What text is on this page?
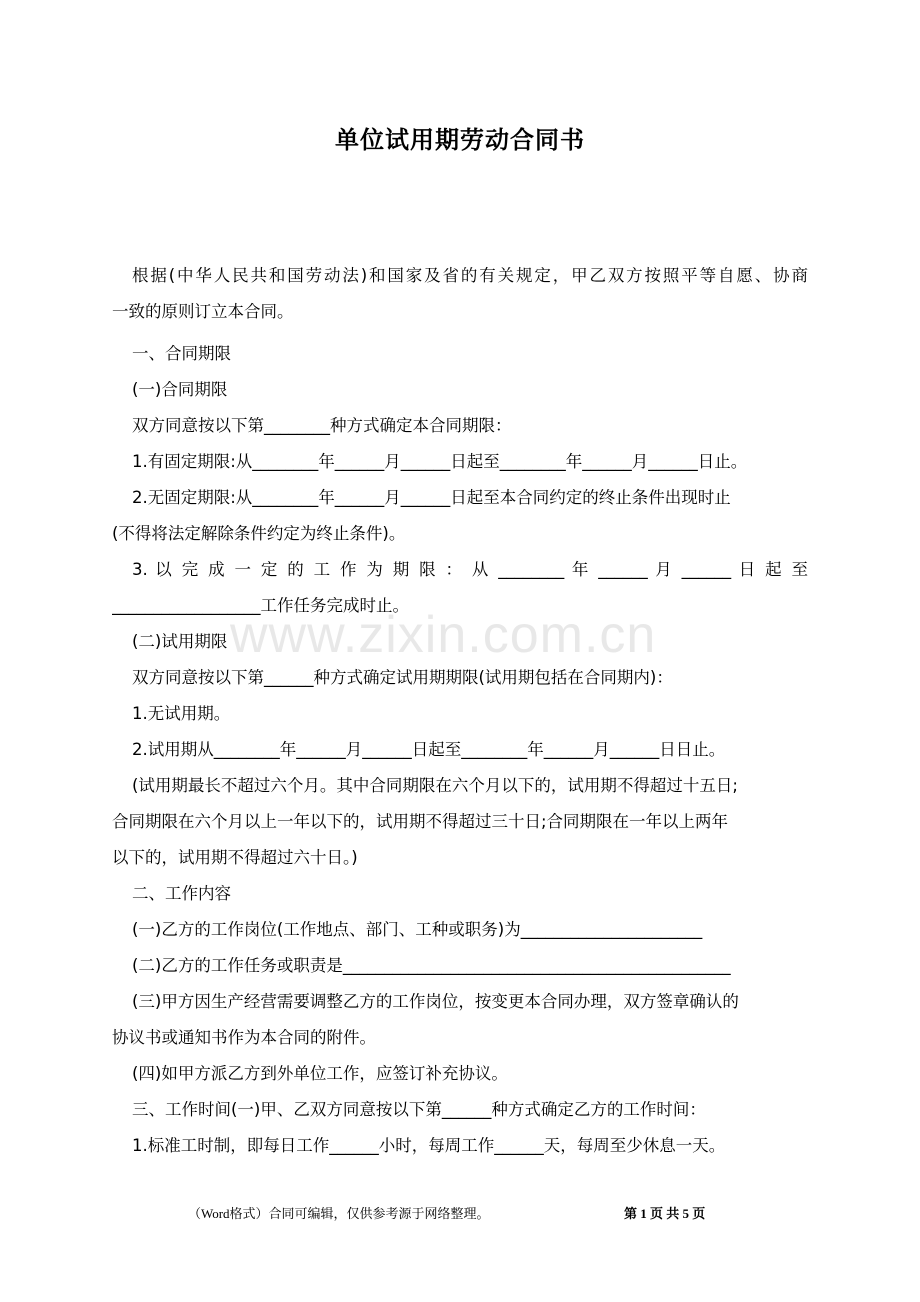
单位试用期劳动合同书
www.zixin.com.cn
根据(中华人民共和国劳动法)和国家及省的有关规定，甲乙双方按照平等自愿、协商
一致的原则订立本合同。
一、合同期限
(一)合同期限
双方同意按以下第________种方式确定本合同期限：
1.有固定期限:从________年______月______日起至________年______月______日止。
2.无固定期限:从________年______月______日起至本合同约定的终止条件出现时止
(不得将法定解除条件约定为终止条件)。
3. 以 完 成 一 定 的 工 作 为 期 限 ： 从 ________ 年 ______ 月 ______ 日 起 至
__________________工作任务完成时止。
(二)试用期限
双方同意按以下第______种方式确定试用期期限(试用期包括在合同期内)：
1.无试用期。
2.试用期从________年______月______日起至________年______月______日日止。
(试用期最长不超过六个月。其中合同期限在六个月以下的，试用期不得超过十五日;
合同期限在六个月以上一年以下的，试用期不得超过三十日;合同期限在一年以上两年
以下的，试用期不得超过六十日。)
二、工作内容
(一)乙方的工作岗位(工作地点、部门、工种或职务)为______________________
(二)乙方的工作任务或职责是_______________________________________________
(三)甲方因生产经营需要调整乙方的工作岗位，按变更本合同办理，双方签章确认的
协议书或通知书作为本合同的附件。
(四)如甲方派乙方到外单位工作，应签订补充协议。
三、工作时间(一)甲、乙双方同意按以下第______种方式确定乙方的工作时间：
1.标准工时制，即每日工作______小时，每周工作______天，每周至少休息一天。
（Word格式）合同可编辑，仅供参考源于网络整理。	第 1 页 共 5 页
